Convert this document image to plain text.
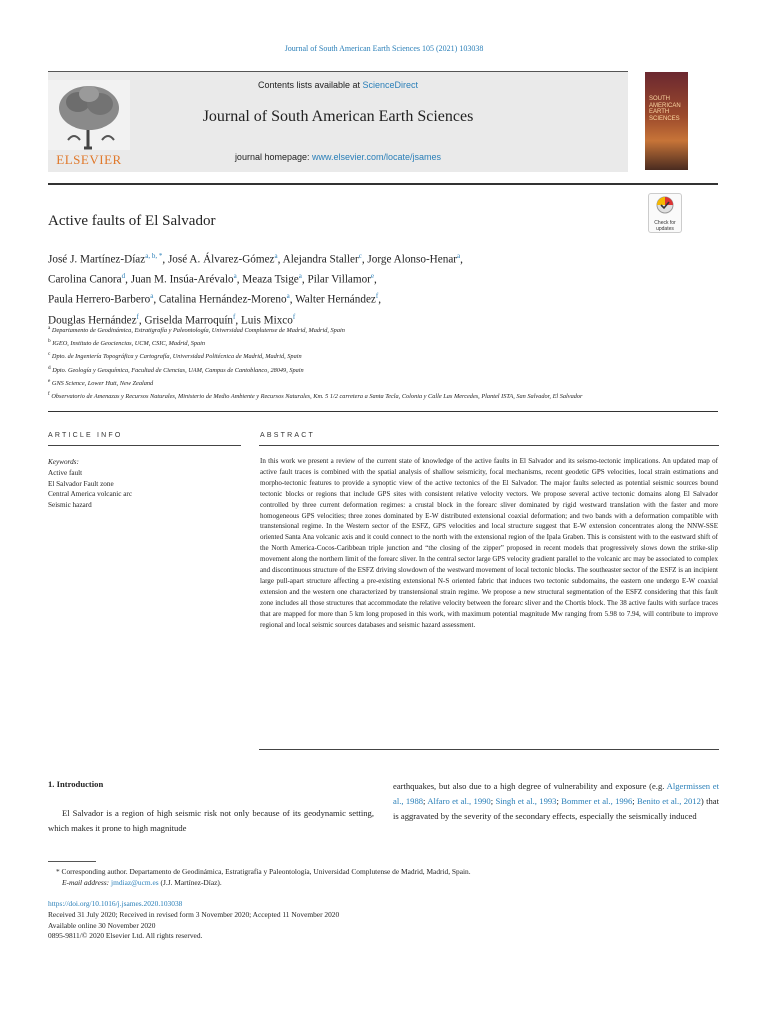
Journal of South American Earth Sciences 105 (2021) 103038
Contents lists available at ScienceDirect
Journal of South American Earth Sciences
journal homepage: www.elsevier.com/locate/jsames
ELSEVIER
SOUTH AMERICAN EARTH SCIENCES
Active faults of El Salvador	Check for updates
José J. Martínez-Díaz$^{a, b, *}$, José A. Álvarez-Gómez$^a$, Alejandra Staller$^c$, Jorge Alonso-Henar$^a$,
Carolina Canora$^d$, Juan M. Insúa-Arévalo$^a$, Meaza Tsige$^a$, Pilar Villamor$^e$,
Paula Herrero-Barbero$^a$, Catalina Hernández-Moreno$^a$, Walter Hernández$^f$,
Douglas Hernández$^f$, Griselda Marroquín$^f$, Luis Mixco$^f$
$^a$ Departamento de Geodinámica, Estratigrafía y Paleontología, Universidad Complutense de Madrid, Madrid, Spain
$^b$ IGEO, Instituto de Geociencias, UCM, CSIC, Madrid, Spain
$^c$ Dpto. de Ingeniería Topográfica y Cartografía, Universidad Politécnica de Madrid, Madrid, Spain
$^d$ Dpto. Geología y Geoquímica, Facultad de Ciencias, UAM, Campus de Cantoblanco, 28049, Spain
$^e$ GNS Science, Lower Hutt, New Zealand
$^f$ Observatorio de Amenazas y Recursos Naturales, Ministerio de Medio Ambiente y Recursos Naturales, Km. 5 1/2 carretera a Santa Tecla, Colonia y Calle Las Mercedes, Plantel ISTA, San Salvador, El Salvador
ARTICLE INFO
Keywords:
Active fault
El Salvador Fault zone
Central America volcanic arc
Seismic hazard
ABSTRACT
In this work we present a review of the current state of knowledge of the active faults in El Salvador and its seismo-tectonic implications. An updated map of active fault traces is combined with the spatial analysis of shallow seismicity, focal mechanisms, recent geodetic GPS velocities, local strain estimations and morpho-tectonic features to provide a synoptic view of the active tectonics of the El Salvador. The major faults selected as potential seismic sources bound tectonic blocks or regions that include GPS sites with consistent relative velocity vectors. We propose several active tectonic domains along El Salvador controlled by three current deformation regimes: a crustal block in the forearc sliver dominated by rigid westward translation with the faster and more homogeneous GPS velocities; three zones dominated by E-W distributed extensional coaxial deformation; and two bands with a deformation compatible with transtensional regime. In the Western sector of the ESFZ, GPS velocities and local structure suggest that E-W extension concentrates along the NNW-SSE oriented Santa Ana volcanic axis and it could connect to the north with the extensional region of the Ipala Graben. This is consistent with to the eastward shift of the North America-Cocos-Caribbean triple junction and “the closing of the zipper” proposed in recent models that progressively slows down the strike-slip movement along the northern limit of the forearc sliver. In the central sector large GPS velocity gradient parallel to the volcanic arc may be associated to complex and discontinuous structure of the ESFZ driving slowdown of the westward movement of local tectonic blocks. The southeaster sector of the ESFZ is an incipient large pull-apart structure affecting a pre-existing extensional N-S oriented fabric that induces two tectonic subdomains, the eastern one undergo E-W coaxial extension and the western one characterized by transtensional strain regime. We propose a new structural segmentation of the ESFZ considering that this fault zone includes all those structures that accommodate the relative velocity between the forearc sliver and the Chortís block. The 38 active faults with surface traces that are mapped for more than 5 km long proposed in this work, with maximum potential magnitude Mw ranging from 5.98 to 7.94, will contribute to improve regional and local seismic sources databases and seismic hazard assessment.
1. Introduction
El Salvador is a region of high seismic risk not only because of its geodynamic setting, which makes it prone to high magnitude
earthquakes, but also due to a high degree of vulnerability and exposure (e.g. Algermissen et al., 1988; Alfaro et al., 1990; Singh et al., 1993; Bommer et al., 1996; Benito et al., 2012) that is aggravated by the severity of the secondary effects, especially the seismically induced
* Corresponding author. Departamento de Geodinámica, Estratigrafía y Paleontología, Universidad Complutense de Madrid, Madrid, Spain.
E-mail address: jmdiaz@ucm.es (J.J. Martínez-Díaz).
https://doi.org/10.1016/j.jsames.2020.103038
Received 31 July 2020; Received in revised form 3 November 2020; Accepted 11 November 2020
Available online 30 November 2020
0895-9811/© 2020 Elsevier Ltd. All rights reserved.
